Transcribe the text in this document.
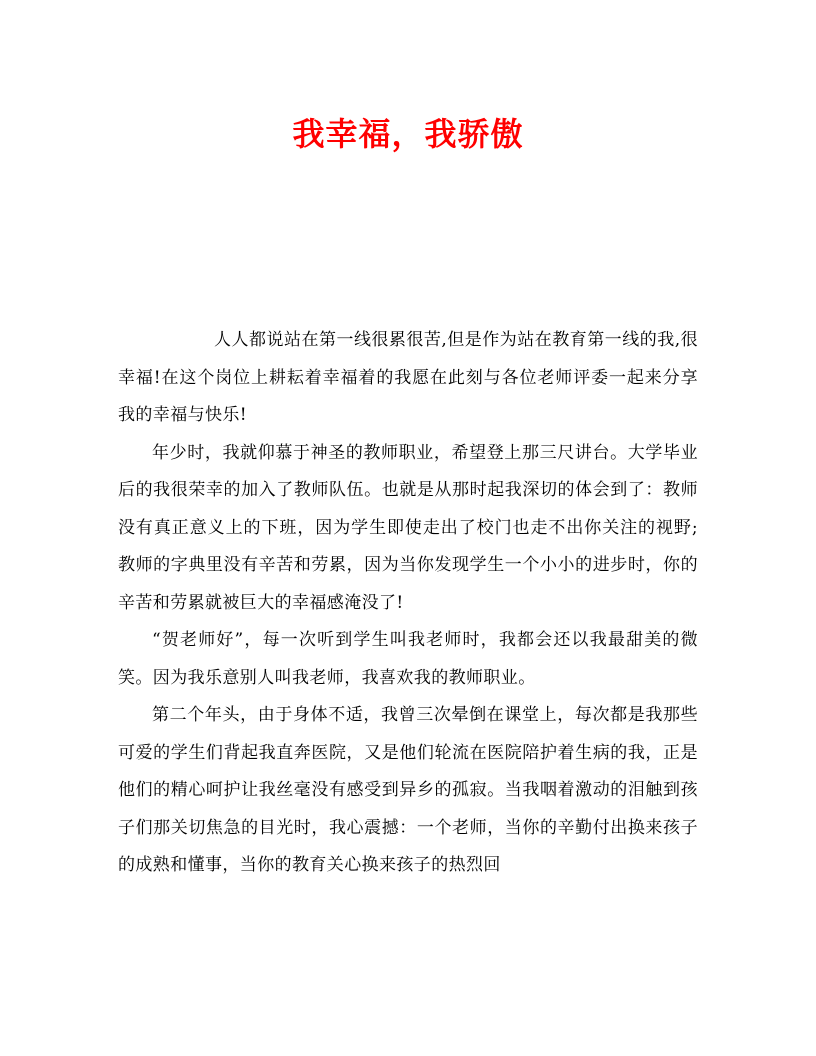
我幸福，我骄傲

人人都说站在第一线很累很苦,但是作为站在教育第一线的我,很幸福!在这个岗位上耕耘着幸福着的我愿在此刻与各位老师评委一起来分享我的幸福与快乐!

年少时，我就仰慕于神圣的教师职业，希望登上那三尺讲台。大学毕业后的我很荣幸的加入了教师队伍。也就是从那时起我深切的体会到了：教师没有真正意义上的下班，因为学生即使走出了校门也走不出你关注的视野;教师的字典里没有辛苦和劳累，因为当你发现学生一个小小的进步时，你的辛苦和劳累就被巨大的幸福感淹没了!

“贺老师好”，每一次听到学生叫我老师时，我都会还以我最甜美的微笑。因为我乐意别人叫我老师，我喜欢我的教师职业。

第二个年头，由于身体不适，我曾三次晕倒在课堂上，每次都是我那些可爱的学生们背起我直奔医院，又是他们轮流在医院陪护着生病的我，正是他们的精心呵护让我丝毫没有感受到异乡的孤寂。当我咽着激动的泪触到孩子们那关切焦急的目光时，我心震撼：一个老师，当你的辛勤付出换来孩子的成熟和懂事，当你的教育关心换来孩子的热烈回
